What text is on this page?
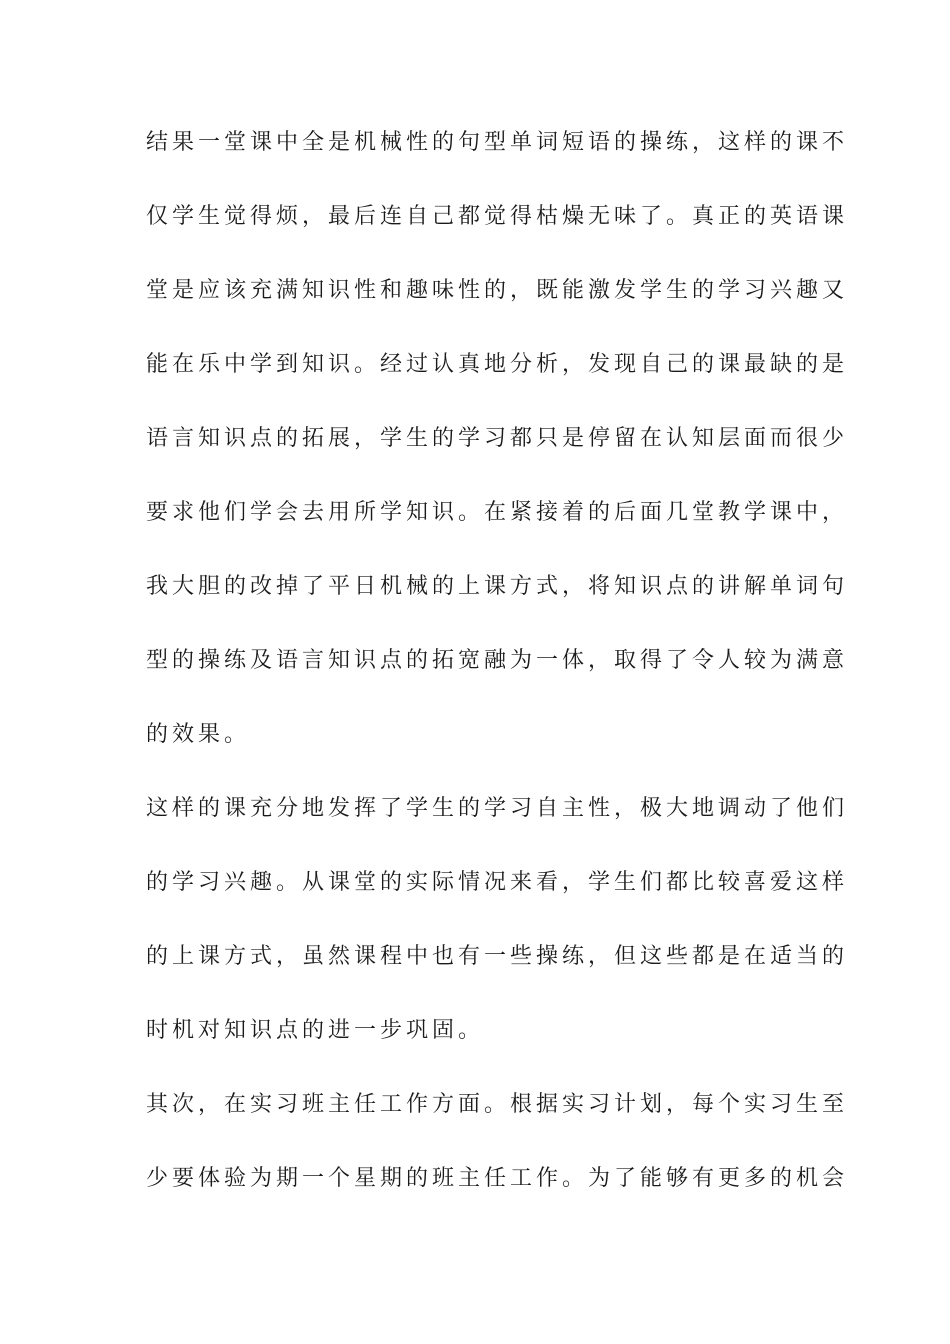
结果一堂课中全是机械性的句型单词短语的操练，这样的课不
仅学生觉得烦，最后连自己都觉得枯燥无味了。真正的英语课
堂是应该充满知识性和趣味性的，既能激发学生的学习兴趣又
能在乐中学到知识。经过认真地分析，发现自己的课最缺的是
语言知识点的拓展，学生的学习都只是停留在认知层面而很少
要求他们学会去用所学知识。在紧接着的后面几堂教学课中，
我大胆的改掉了平日机械的上课方式，将知识点的讲解单词句
型的操练及语言知识点的拓宽融为一体，取得了令人较为满意
的效果。
这样的课充分地发挥了学生的学习自主性，极大地调动了他们
的学习兴趣。从课堂的实际情况来看，学生们都比较喜爱这样
的上课方式，虽然课程中也有一些操练，但这些都是在适当的
时机对知识点的进一步巩固。
其次，在实习班主任工作方面。根据实习计划，每个实习生至
少要体验为期一个星期的班主任工作。为了能够有更多的机会
